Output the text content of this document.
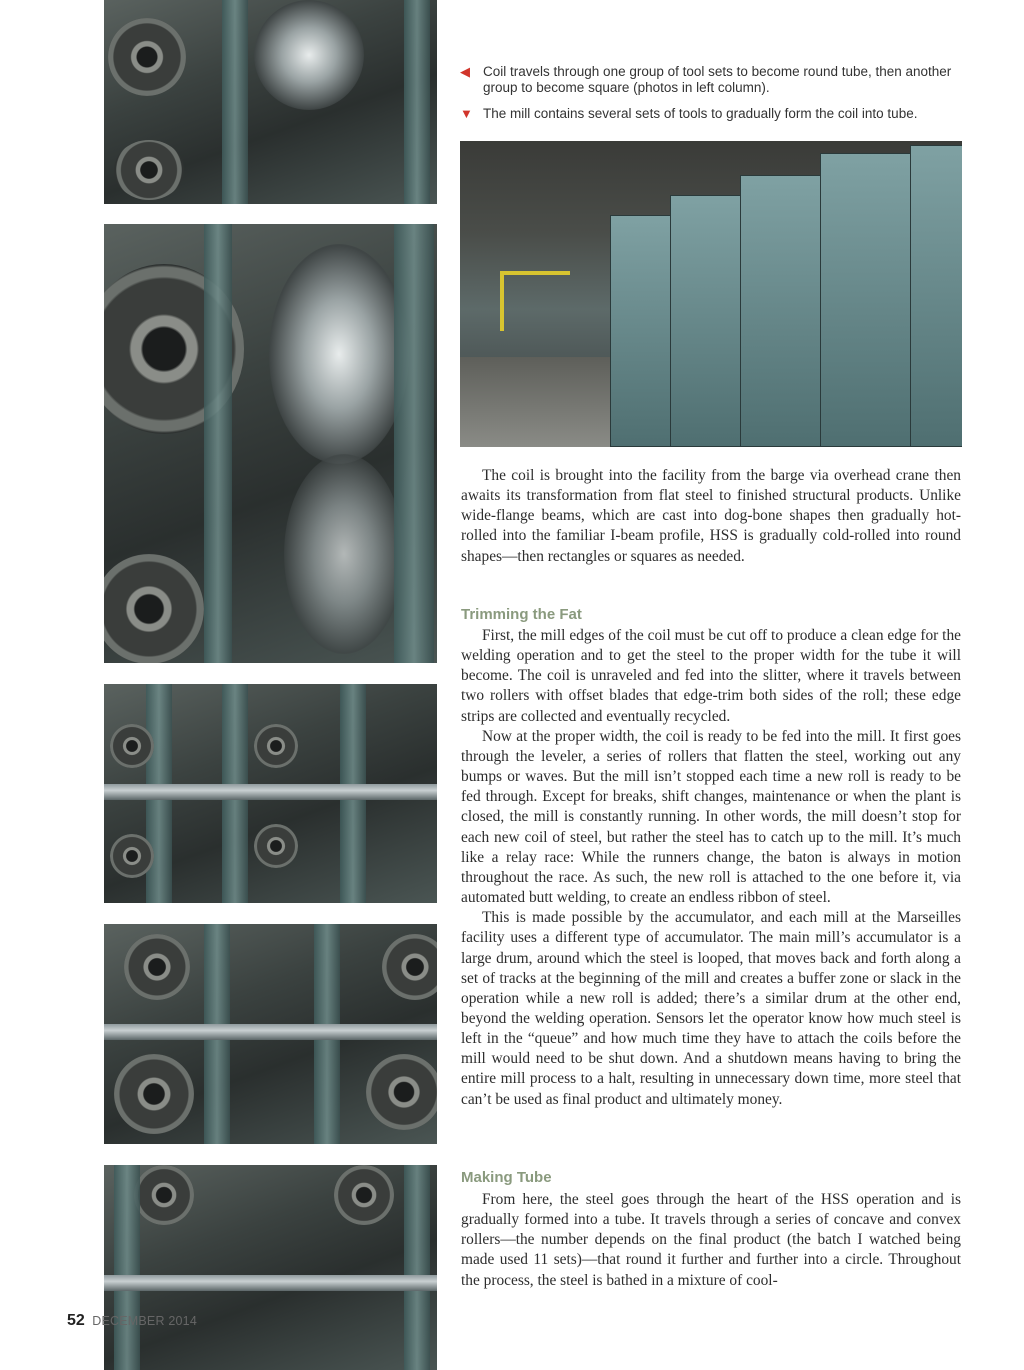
◀ Coil travels through one group of tool sets to become round tube, then another group to become square (photos in left column).
▼ The mill contains several sets of tools to gradually form the coil into tube.

The coil is brought into the facility from the barge via overhead crane then awaits its transformation from flat steel to finished structural products. Unlike wide-flange beams, which are cast into dog-bone shapes then gradually hot-rolled into the familiar I-beam profile, HSS is gradually cold-rolled into round shapes—then rectangles or squares as needed.

Trimming the Fat

First, the mill edges of the coil must be cut off to produce a clean edge for the welding operation and to get the steel to the proper width for the tube it will become. The coil is unraveled and fed into the slitter, where it travels between two rollers with offset blades that edge-trim both sides of the roll; these edge strips are collected and eventually recycled.

Now at the proper width, the coil is ready to be fed into the mill. It first goes through the leveler, a series of rollers that flatten the steel, working out any bumps or waves. But the mill isn’t stopped each time a new roll is ready to be fed through. Except for breaks, shift changes, maintenance or when the plant is closed, the mill is constantly running. In other words, the mill doesn’t stop for each new coil of steel, but rather the steel has to catch up to the mill. It’s much like a relay race: While the runners change, the baton is always in motion throughout the race. As such, the new roll is attached to the one before it, via automated butt welding, to create an endless ribbon of steel.

This is made possible by the accumulator, and each mill at the Marseilles facility uses a different type of accumulator. The main mill’s accumulator is a large drum, around which the steel is looped, that moves back and forth along a set of tracks at the beginning of the mill and creates a buffer zone or slack in the operation while a new roll is added; there’s a similar drum at the other end, beyond the welding operation. Sensors let the operator know how much steel is left in the “queue” and how much time they have to attach the coils before the mill would need to be shut down. And a shutdown means having to bring the entire mill process to a halt, resulting in unnecessary down time, more steel that can’t be used as final product and ultimately money.

Making Tube

From here, the steel goes through the heart of the HSS operation and is gradually formed into a tube. It travels through a series of concave and convex rollers—the number depends on the final product (the batch I watched being made used 11 sets)—that round it further and further into a circle. Throughout the process, the steel is bathed in a mixture of cool-

52 DECEMBER 2014
